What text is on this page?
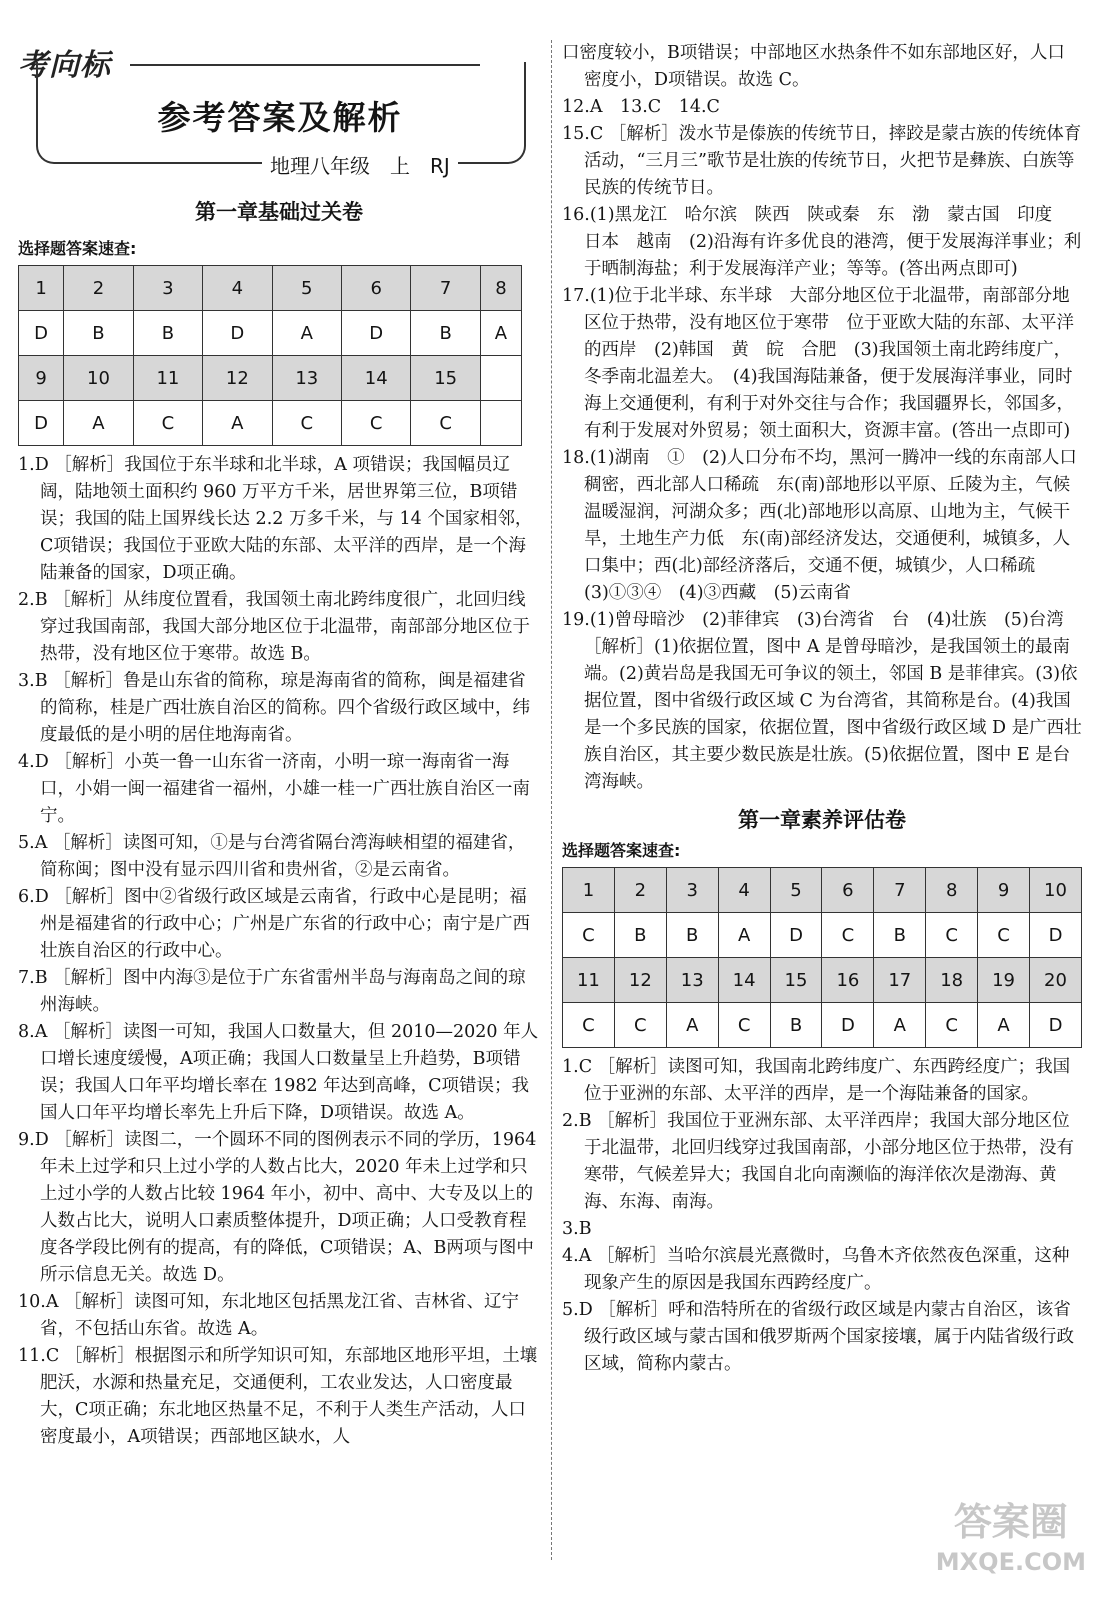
考向标
参考答案及解析
地理八年级　上　RJ
第一章基础过关卷
选择题答案速查:
1	2	3	4	5	6	7	8
D	B	B	D	A	D	B	A
9	10	11	12	13	14	15	
D	A	C	A	C	C	C	

1.D ［解析］我国位于东半球和北半球，A 项错误；我国幅员辽阔，陆地领土面积约 960 万平方千米，居世界第三位，B项错误；我国的陆上国界线长达 2.2 万多千米，与 14 个国家相邻，C项错误；我国位于亚欧大陆的东部、太平洋的西岸，是一个海陆兼备的国家，D项正确。

2.B ［解析］从纬度位置看，我国领土南北跨纬度很广，北回归线穿过我国南部，我国大部分地区位于北温带，南部部分地区位于热带，没有地区位于寒带。故选 B。

3.B ［解析］鲁是山东省的简称，琼是海南省的简称，闽是福建省的简称，桂是广西壮族自治区的简称。四个省级行政区域中，纬度最低的是小明的居住地海南省。

4.D ［解析］小英一鲁一山东省一济南，小明一琼一海南省一海口，小娟一闽一福建省一福州，小雄一桂一广西壮族自治区一南宁。

5.A ［解析］读图可知，①是与台湾省隔台湾海峡相望的福建省，简称闽；图中没有显示四川省和贵州省，②是云南省。

6.D ［解析］图中②省级行政区域是云南省，行政中心是昆明；福州是福建省的行政中心；广州是广东省的行政中心；南宁是广西壮族自治区的行政中心。

7.B ［解析］图中内海③是位于广东省雷州半岛与海南岛之间的琼州海峡。

8.A ［解析］读图一可知，我国人口数量大，但 2010—2020 年人口增长速度缓慢，A项正确；我国人口数量呈上升趋势，B项错误；我国人口年平均增长率在 1982 年达到高峰，C项错误；我国人口年平均增长率先上升后下降，D项错误。故选 A。

9.D ［解析］读图二，一个圆环不同的图例表示不同的学历，1964 年未上过学和只上过小学的人数占比大，2020 年未上过学和只上过小学的人数占比较 1964 年小，初中、高中、大专及以上的人数占比大，说明人口素质整体提升，D项正确；人口受教育程度各学段比例有的提高，有的降低，C项错误；A、B两项与图中所示信息无关。故选 D。

10.A ［解析］读图可知，东北地区包括黑龙江省、吉林省、辽宁省，不包括山东省。故选 A。

11.C ［解析］根据图示和所学知识可知，东部地区地形平坦，土壤肥沃，水源和热量充足，交通便利，工农业发达，人口密度最大，C项正确；东北地区热量不足，不利于人类生产活动，人口密度最小，A项错误；西部地区缺水，人

口密度较小，B项错误；中部地区水热条件不如东部地区好，人口密度小，D项错误。故选 C。

12.A　13.C　14.C

15.C ［解析］泼水节是傣族的传统节日，摔跤是蒙古族的传统体育活动，“三月三”歌节是壮族的传统节日，火把节是彝族、白族等民族的传统节日。

16.(1)黑龙江　哈尔滨　陕西　陕或秦　东　渤　蒙古国　印度　日本　越南　(2)沿海有许多优良的港湾，便于发展海洋事业；利于晒制海盐；利于发展海洋产业；等等。(答出两点即可)

17.(1)位于北半球、东半球　大部分地区位于北温带，南部部分地区位于热带，没有地区位于寒带　位于亚欧大陆的东部、太平洋的西岸　(2)韩国　黄　皖　合肥　(3)我国领土南北跨纬度广，冬季南北温差大。　(4)我国海陆兼备，便于发展海洋事业，同时海上交通便利，有利于对外交往与合作；我国疆界长，邻国多，有利于发展对外贸易；领土面积大，资源丰富。(答出一点即可)

18.(1)湖南　①　(2)人口分布不均，黑河一腾冲一线的东南部人口稠密，西北部人口稀疏　东(南)部地形以平原、丘陵为主，气候温暖湿润，河湖众多；西(北)部地形以高原、山地为主，气候干旱，土地生产力低　东(南)部经济发达，交通便利，城镇多，人口集中；西(北)部经济落后，交通不便，城镇少，人口稀疏　(3)①③④　(4)③西藏　(5)云南省

19.(1)曾母暗沙　(2)菲律宾　(3)台湾省　台　(4)壮族　(5)台湾　［解析］(1)依据位置，图中 A 是曾母暗沙，是我国领土的最南端。(2)黄岩岛是我国无可争议的领土，邻国 B 是菲律宾。(3)依据位置，图中省级行政区域 C 为台湾省，其简称是台。(4)我国是一个多民族的国家，依据位置，图中省级行政区域 D 是广西壮族自治区，其主要少数民族是壮族。(5)依据位置，图中 E 是台湾海峡。

第一章素养评估卷
选择题答案速查:
1	2	3	4	5	6	7	8	9	10
C	B	B	A	D	C	B	C	C	D
11	12	13	14	15	16	17	18	19	20
C	C	A	C	B	D	A	C	A	D

1.C ［解析］读图可知，我国南北跨纬度广、东西跨经度广；我国位于亚洲的东部、太平洋的西岸，是一个海陆兼备的国家。

2.B ［解析］我国位于亚洲东部、太平洋西岸；我国大部分地区位于北温带，北回归线穿过我国南部，小部分地区位于热带，没有寒带，气候差异大；我国自北向南濒临的海洋依次是渤海、黄海、东海、南海。

3.B

4.A ［解析］当哈尔滨晨光熹微时，乌鲁木齐依然夜色深重，这种现象产生的原因是我国东西跨经度广。

5.D ［解析］呼和浩特所在的省级行政区域是内蒙古自治区，该省级行政区域与蒙古国和俄罗斯两个国家接壤，属于内陆省级行政区域，简称内蒙古。

答案圈
MXQE.COM
